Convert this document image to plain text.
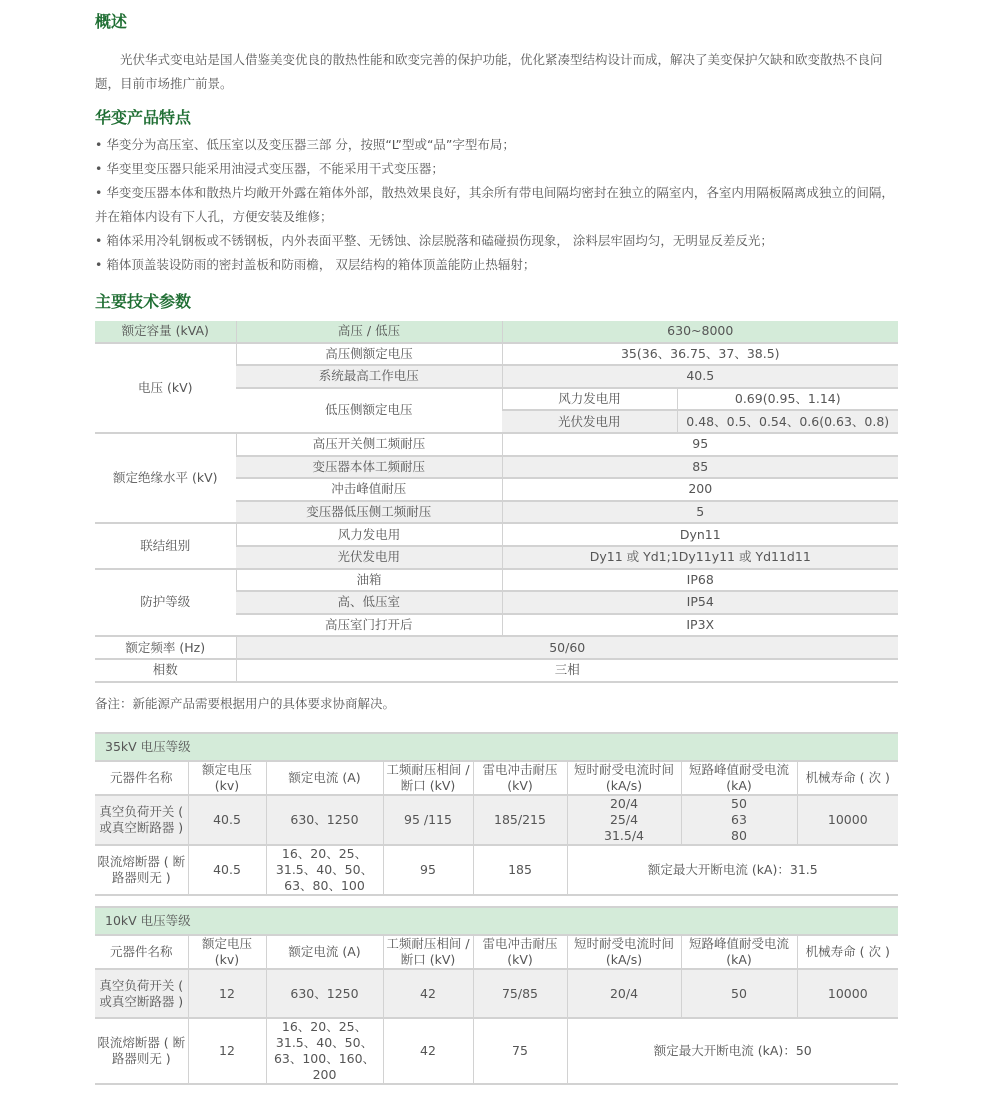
概述

光伏华式变电站是国人借鉴美变优良的散热性能和欧变完善的保护功能，优化紧凑型结构设计而成，解决了美变保护欠缺和欧变散热不良问题，目前市场推广前景。

华变产品特点
• 华变分为高压室、低压室以及变压器三部 分，按照“L”型或“品”字型布局；
• 华变里变压器只能采用油浸式变压器，不能采用干式变压器；
• 华变变压器本体和散热片均敞开外露在箱体外部，散热效果良好，其余所有带电间隔均密封在独立的隔室内，各室内用隔板隔离成独立的间隔，并在箱体内设有下人孔，方便安装及维修；
• 箱体采用冷轧钢板或不锈钢板，内外表面平整、无锈蚀、涂层脱落和磕碰损伤现象， 涂料层牢固均匀，无明显反差反光；
• 箱体顶盖装设防雨的密封盖板和防雨檐， 双层结构的箱体顶盖能防止热辐射；
主要技术参数
额定容量 (kVA)	高压 / 低压	630~8000	
电压 (kV)	高压侧额定电压	35(36、36.75、37、38.5)	
	系统最高工作电压	40.5	
	低压侧额定电压	风力发电用	0.69(0.95、1.14)
		光伏发电用	0.48、0.5、0.54、0.6(0.63、0.8)
额定绝缘水平 (kV)	高压开关侧工频耐压	95	
	变压器本体工频耐压	85	
	冲击峰值耐压	200	
	变压器低压侧工频耐压	5	
联结组别	风力发电用	Dyn11	
	光伏发电用	Dy11 或 Yd1;1Dy11y11 或 Yd11d11	
防护等级	油箱	IP68	
	高、低压室	IP54	
	高压室门打开后	IP3X	
额定频率 (Hz)	50/60		
相数	三相		
备注：新能源产品需要根据用户的具体要求协商解决。
35kV 电压等级							
元器件名称	额定电压 (kv)	额定电流 (A)	工频耐压相间 / 断口 (kV)	雷电冲击耐压 (kV)	短时耐受电流时间 (kA/s)	短路峰值耐受电流 (kA)	机械寿命 ( 次 )
真空负荷开关 ( 或真空断路器 )	40.5	630、1250	95 /115	185/215	20/4 25/4 31.5/4	50 63 80	10000
限流熔断器 ( 断路器则无 )	40.5	16、20、25、31.5、40、50、63、80、100	95	185	额定最大开断电流 (kA)：31.5		
10kV 电压等级							
元器件名称	额定电压 (kv)	额定电流 (A)	工频耐压相间 / 断口 (kV)	雷电冲击耐压 (kV)	短时耐受电流时间 (kA/s)	短路峰值耐受电流 (kA)	机械寿命 ( 次 )
真空负荷开关 ( 或真空断路器 )	12	630、1250	42	75/85	20/4	50	10000
限流熔断器 ( 断路器则无 )	12	16、20、25、31.5、40、50、63、100、160、200	42	75	额定最大开断电流 (kA)：50		
